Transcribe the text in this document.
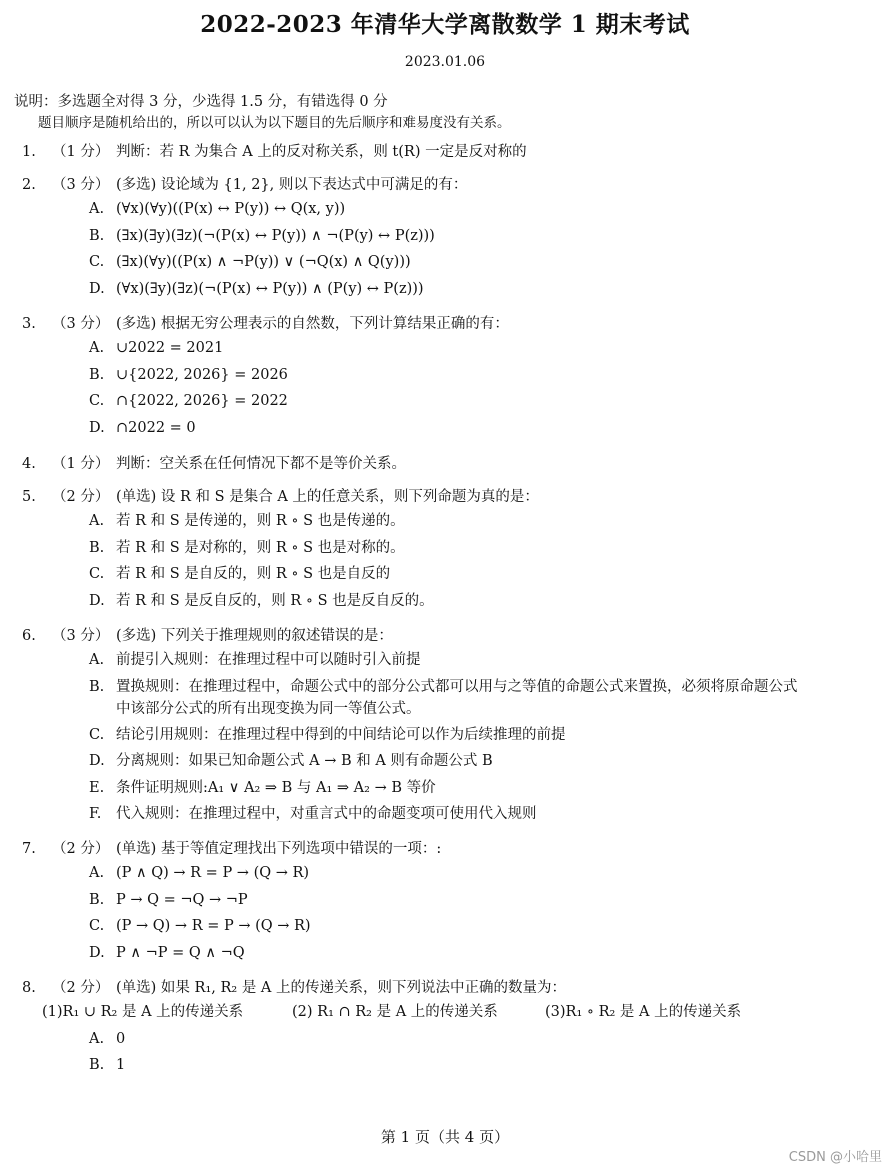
2022-2023 年清华大学离散数学 1 期末考试
2023.01.06
说明：多选题全对得 3 分，少选得 1.5 分，有错选得 0 分
题目顺序是随机给出的，所以可以认为以下题目的先后顺序和难易度没有关系。
1. （1 分） 判断：若 R 为集合 A 上的反对称关系，则 t(R) 一定是反对称的
2. （3 分） (多选) 设论域为 {1, 2}, 则以下表达式中可满足的有：
A. (∀x)(∀y)((P(x) ↔ P(y)) ↔ Q(x, y))
B. (∃x)(∃y)(∃z)(¬(P(x) ↔ P(y)) ∧ ¬(P(y) ↔ P(z)))
C. (∃x)(∀y)((P(x) ∧ ¬P(y)) ∨ (¬Q(x) ∧ Q(y)))
D. (∀x)(∃y)(∃z)(¬(P(x) ↔ P(y)) ∧ (P(y) ↔ P(z)))
3. （3 分） (多选) 根据无穷公理表示的自然数，下列计算结果正确的有：
A. ∪2022 = 2021
B. ∪{2022, 2026} = 2026
C. ∩{2022, 2026} = 2022
D. ∩2022 = 0
4. （1 分） 判断：空关系在任何情况下都不是等价关系。
5. （2 分） (单选) 设 R 和 S 是集合 A 上的任意关系，则下列命题为真的是：
A. 若 R 和 S 是传递的，则 R ∘ S 也是传递的。
B. 若 R 和 S 是对称的，则 R ∘ S 也是对称的。
C. 若 R 和 S 是自反的，则 R ∘ S 也是自反的
D. 若 R 和 S 是反自反的，则 R ∘ S 也是反自反的。
6. （3 分） (多选) 下列关于推理规则的叙述错误的是：
A. 前提引入规则：在推理过程中可以随时引入前提
B. 置换规则：在推理过程中，命题公式中的部分公式都可以用与之等值的命题公式来置换，必须将原命题公式中该部分公式的所有出现变换为同一等值公式。
C. 结论引用规则：在推理过程中得到的中间结论可以作为后续推理的前提
D. 分离规则：如果已知命题公式 A → B 和 A 则有命题公式 B
E. 条件证明规则:A₁ ∨ A₂ ⇒ B 与 A₁ ⇒ A₂ → B 等价
F. 代入规则：在推理过程中，对重言式中的命题变项可使用代入规则
7. （2 分） (单选) 基于等值定理找出下列选项中错误的一项：:
A. (P ∧ Q) → R = P → (Q → R)
B. P → Q = ¬Q → ¬P
C. (P → Q) → R = P → (Q → R)
D. P ∧ ¬P = Q ∧ ¬Q
8. （2 分） (单选) 如果 R₁, R₂ 是 A 上的传递关系，则下列说法中正确的数量为：
(1)R₁ ∪ R₂ 是 A 上的传递关系	(2) R₁ ∩ R₂ 是 A 上的传递关系	(3)R₁ ∘ R₂ 是 A 上的传递关系
A. 0
B. 1
第 1 页（共 4 页）
CSDN @小哈里
